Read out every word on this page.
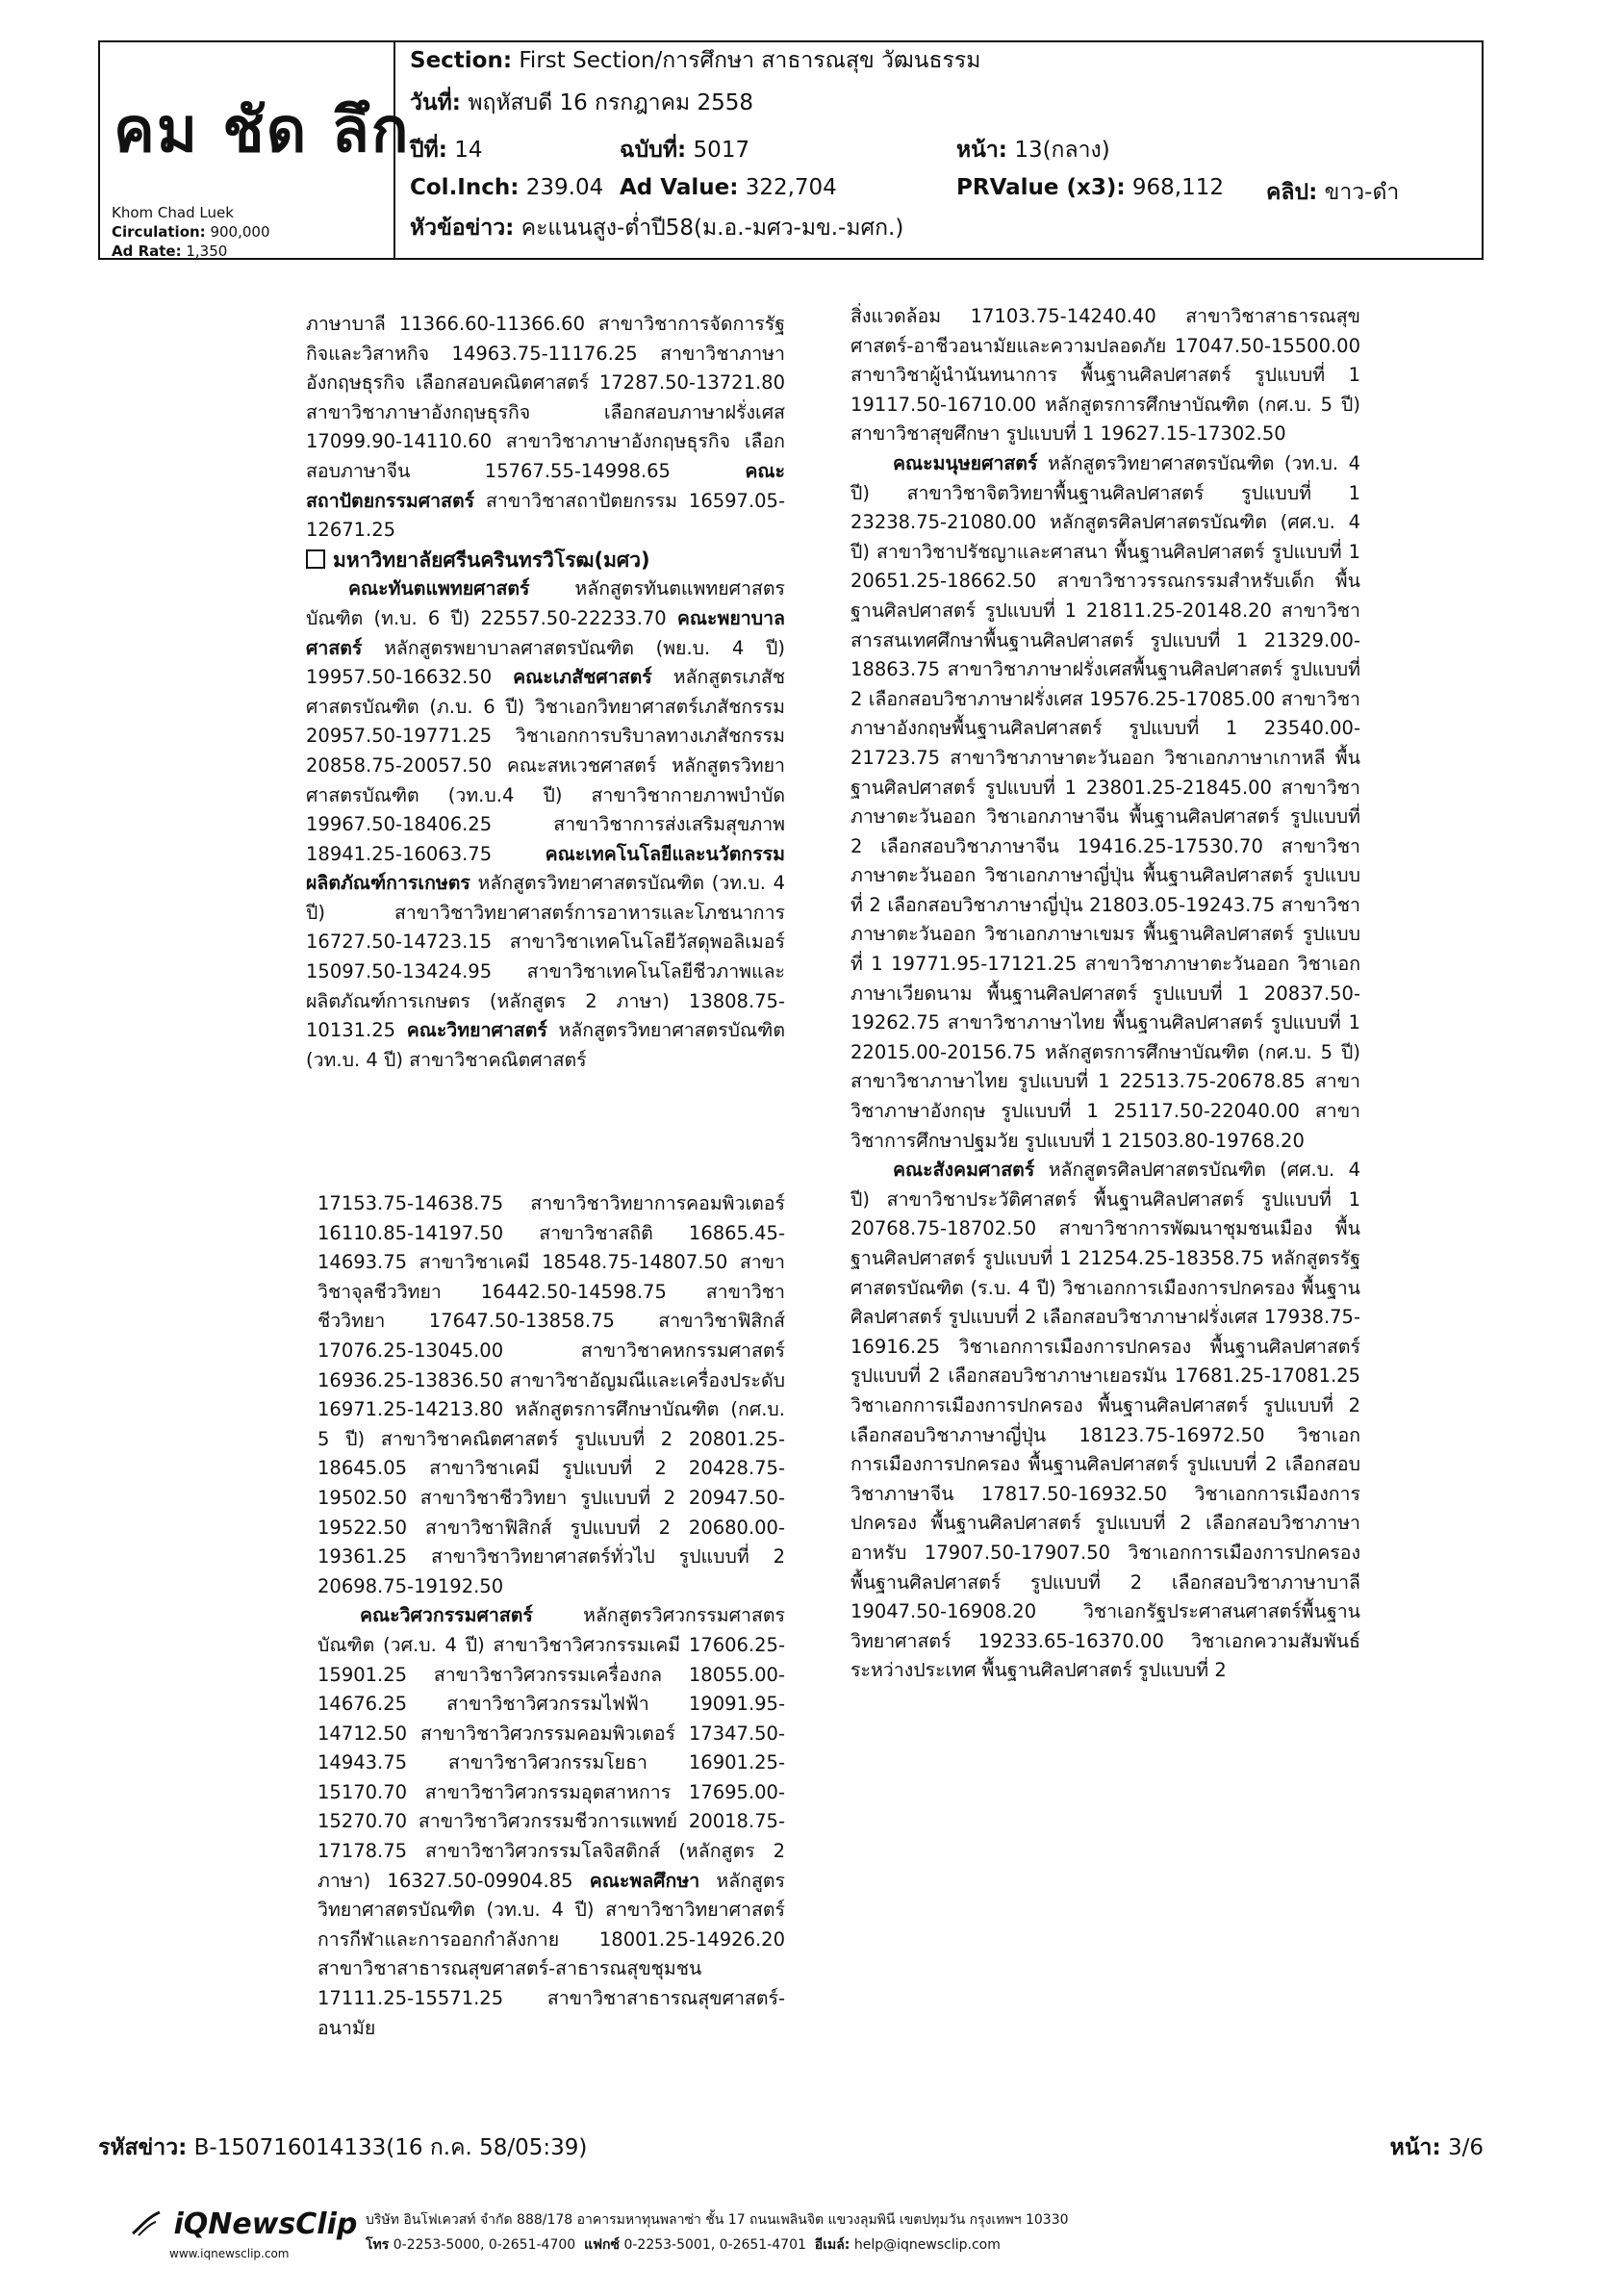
คม ชัด ลึก
Khom Chad Luek
Circulation: 900,000
Ad Rate: 1,350
Section: First Section/การศึกษา สาธารณสุข วัฒนธรรม
วันที่: พฤหัสบดี 16 กรกฎาคม 2558
ปีที่: 14	ฉบับที่: 5017	หน้า: 13(กลาง)
Col.Inch: 239.04 Ad Value: 322,704	PRValue (x3): 968,112 คลิป: ขาว-ดำ
หัวข้อข่าว: คะแนนสูง-ต่ำปี58(ม.อ.-มศว-มข.-มศก.)

ภาษาบาลี 11366.60-11366.60 สาขาวิชาการจัดการรัฐกิจและวิสาหกิจ 14963.75-11176.25 สาขาวิชาภาษาอังกฤษธุรกิจ เลือกสอบคณิตศาสตร์ 17287.50-13721.80 สาขาวิชาภาษาอังกฤษธุรกิจ เลือกสอบภาษาฝรั่งเศส 17099.90-14110.60 สาขาวิชาภาษาอังกฤษธุรกิจ เลือกสอบภาษาจีน 15767.55-14998.65	คณะสถาปัตยกรรมศาสตร์ สาขาวิชาสถาปัตยกรรม 16597.05-12671.25

มหาวิทยาลัยศรีนครินทรวิโรฒ(มศว)

คณะทันตแพทยศาสตร์ หลักสูตรทันตแพทยศาสตรบัณฑิต (ท.บ. 6 ปี) 22557.50-22233.70 คณะพยาบาลศาสตร์ หลักสูตรพยาบาลศาสตรบัณฑิต (พย.บ. 4 ปี) 19957.50-16632.50 คณะเภสัชศาสตร์ หลักสูตรเภสัชศาสตรบัณฑิต (ภ.บ. 6 ปี) วิชาเอกวิทยาศาสตร์เภสัชกรรม 20957.50-19771.25 วิชาเอกการบริบาลทางเภสัชกรรม 20858.75-20057.50 คณะสหเวชศาสตร์ หลักสูตรวิทยาศาสตรบัณฑิต (วท.บ.4 ปี) สาขาวิชากายภาพบำบัด 19967.50-18406.25 สาขาวิชาการส่งเสริมสุขภาพ 18941.25-16063.75	คณะเทคโนโลยีและนวัตกรรมผลิตภัณฑ์การเกษตร หลักสูตรวิทยาศาสตรบัณฑิต (วท.บ. 4 ปี) สาขาวิชาวิทยาศาสตร์การอาหารและโภชนาการ 16727.50-14723.15 สาขาวิชาเทคโนโลยีวัสดุพอลิเมอร์ 15097.50-13424.95 สาขาวิชาเทคโนโลยีชีวภาพและผลิตภัณฑ์การเกษตร (หลักสูตร 2 ภาษา) 13808.75-10131.25 คณะวิทยาศาสตร์ หลักสูตรวิทยาศาสตรบัณฑิต (วท.บ. 4 ปี) สาขาวิชาคณิตศาสตร์

17153.75-14638.75 สาขาวิชาวิทยาการคอมพิวเตอร์ 16110.85-14197.50 สาขาวิชาสถิติ 16865.45-14693.75 สาขาวิชาเคมี 18548.75-14807.50 สาขาวิชาจุลชีววิทยา 16442.50-14598.75 สาขาวิชาชีววิทยา 17647.50-13858.75 สาขาวิชาฟิสิกส์ 17076.25-13045.00 สาขาวิชาคหกรรมศาสตร์ 16936.25-13836.50 สาขาวิชาอัญมณีและเครื่องประดับ 16971.25-14213.80 หลักสูตรการศึกษาบัณฑิต (กศ.บ. 5 ปี) สาขาวิชาคณิตศาสตร์ รูปแบบที่ 2 20801.25-18645.05 สาขาวิชาเคมี รูปแบบที่ 2 20428.75-19502.50 สาขาวิชาชีววิทยา รูปแบบที่ 2 20947.50-19522.50 สาขาวิชาฟิสิกส์ รูปแบบที่ 2 20680.00-19361.25 สาขาวิชาวิทยาศาสตร์ทั่วไป รูปแบบที่ 2 20698.75-19192.50

คณะวิศวกรรมศาสตร์	หลักสูตรวิศวกรรมศาสตรบัณฑิต (วศ.บ. 4 ปี) สาขาวิชาวิศวกรรมเคมี 17606.25-15901.25 สาขาวิชาวิศวกรรมเครื่องกล 18055.00-14676.25 สาขาวิชาวิศวกรรมไฟฟ้า 19091.95-14712.50 สาขาวิชาวิศวกรรมคอมพิวเตอร์ 17347.50-14943.75 สาขาวิชาวิศวกรรมโยธา 16901.25-15170.70 สาขาวิชาวิศวกรรมอุตสาหการ 17695.00-15270.70 สาขาวิชาวิศวกรรมชีวการแพทย์ 20018.75-17178.75 สาขาวิชาวิศวกรรมโลจิสติกส์ (หลักสูตร 2 ภาษา) 16327.50-09904.85 คณะพลศึกษา หลักสูตรวิทยาศาสตรบัณฑิต (วท.บ. 4 ปี) สาขาวิชาวิทยาศาสตร์การกีฬาและการออกกำลังกาย 18001.25-14926.20 สาขาวิชาสาธารณสุขศาสตร์-สาธารณสุขชุมชน 17111.25-15571.25 สาขาวิชาสาธารณสุขศาสตร์-อนามัย

สิ่งแวดล้อม 17103.75-14240.40 สาขาวิชาสาธารณสุขศาสตร์-อาชีวอนามัยและความปลอดภัย 17047.50-15500.00 สาขาวิชาผู้นำนันทนาการ พื้นฐานศิลปศาสตร์ รูปแบบที่ 1 19117.50-16710.00 หลักสูตรการศึกษาบัณฑิต (กศ.บ. 5 ปี) สาขาวิชาสุขศึกษา รูปแบบที่ 1 19627.15-17302.50

คณะมนุษยศาสตร์ หลักสูตรวิทยาศาสตรบัณฑิต (วท.บ. 4 ปี) สาขาวิชาจิตวิทยาพื้นฐานศิลปศาสตร์ รูปแบบที่ 1 23238.75-21080.00 หลักสูตรศิลปศาสตรบัณฑิต (ศศ.บ. 4 ปี) สาขาวิชาปรัชญาและศาสนา พื้นฐานศิลปศาสตร์ รูปแบบที่ 1 20651.25-18662.50 สาขาวิชาวรรณกรรมสำหรับเด็ก พื้นฐานศิลปศาสตร์ รูปแบบที่ 1 21811.25-20148.20 สาขาวิชาสารสนเทศศึกษาพื้นฐานศิลปศาสตร์ รูปแบบที่ 1 21329.00-18863.75 สาขาวิชาภาษาฝรั่งเศสพื้นฐานศิลปศาสตร์ รูปแบบที่ 2 เลือกสอบวิชาภาษาฝรั่งเศส 19576.25-17085.00 สาขาวิชาภาษาอังกฤษพื้นฐานศิลปศาสตร์ รูปแบบที่ 1 23540.00-21723.75 สาขาวิชาภาษาตะวันออก วิชาเอกภาษาเกาหลี พื้นฐานศิลปศาสตร์ รูปแบบที่ 1 23801.25-21845.00 สาขาวิชาภาษาตะวันออก วิชาเอกภาษาจีน พื้นฐานศิลปศาสตร์ รูปแบบที่ 2 เลือกสอบวิชาภาษาจีน 19416.25-17530.70 สาขาวิชาภาษาตะวันออก วิชาเอกภาษาญี่ปุ่น พื้นฐานศิลปศาสตร์ รูปแบบที่ 2 เลือกสอบวิชาภาษาญี่ปุ่น 21803.05-19243.75 สาขาวิชาภาษาตะวันออก วิชาเอกภาษาเขมร พื้นฐานศิลปศาสตร์ รูปแบบที่ 1 19771.95-17121.25 สาขาวิชาภาษาตะวันออก วิชาเอกภาษาเวียดนาม พื้นฐานศิลปศาสตร์ รูปแบบที่ 1 20837.50-19262.75 สาขาวิชาภาษาไทย พื้นฐานศิลปศาสตร์ รูปแบบที่ 1 22015.00-20156.75 หลักสูตรการศึกษาบัณฑิต (กศ.บ. 5 ปี) สาขาวิชาภาษาไทย รูปแบบที่ 1 22513.75-20678.85 สาขาวิชาภาษาอังกฤษ รูปแบบที่ 1 25117.50-22040.00 สาขาวิชาการศึกษาปฐมวัย รูปแบบที่ 1 21503.80-19768.20

คณะสังคมศาสตร์ หลักสูตรศิลปศาสตรบัณฑิต (ศศ.บ. 4 ปี) สาขาวิชาประวัติศาสตร์ พื้นฐานศิลปศาสตร์ รูปแบบที่ 1 20768.75-18702.50 สาขาวิชาการพัฒนาชุมชนเมือง พื้นฐานศิลปศาสตร์ รูปแบบที่ 1 21254.25-18358.75 หลักสูตรรัฐศาสตรบัณฑิต (ร.บ. 4 ปี) วิชาเอกการเมืองการปกครอง พื้นฐานศิลปศาสตร์ รูปแบบที่ 2 เลือกสอบวิชาภาษาฝรั่งเศส 17938.75-16916.25 วิชาเอกการเมืองการปกครอง พื้นฐานศิลปศาสตร์ รูปแบบที่ 2 เลือกสอบวิชาภาษาเยอรมัน 17681.25-17081.25 วิชาเอกการเมืองการปกครอง พื้นฐานศิลปศาสตร์ รูปแบบที่ 2 เลือกสอบวิชาภาษาญี่ปุ่น 18123.75-16972.50 วิชาเอกการเมืองการปกครอง พื้นฐานศิลปศาสตร์ รูปแบบที่ 2 เลือกสอบวิชาภาษาจีน 17817.50-16932.50 วิชาเอกการเมืองการปกครอง พื้นฐานศิลปศาสตร์ รูปแบบที่ 2 เลือกสอบวิชาภาษาอาหรับ 17907.50-17907.50 วิชาเอกการเมืองการปกครอง พื้นฐานศิลปศาสตร์ รูปแบบที่ 2 เลือกสอบวิชาภาษาบาลี 19047.50-16908.20 วิชาเอกรัฐประศาสนศาสตร์พื้นฐานวิทยาศาสตร์ 19233.65-16370.00 วิชาเอกความสัมพันธ์ระหว่างประเทศ พื้นฐานศิลปศาสตร์ รูปแบบที่ 2

รหัสข่าว: B-150716014133(16 ก.ค. 58/05:39)	หน้า: 3/6
iQNewsClip
www.iqnewsclip.com
บริษัท อินโฟเควสท์ จำกัด 888/178 อาคารมหาทุนพลาซ่า ชั้น 17 ถนนเพลินจิต แขวงลุมพินี เขตปทุมวัน กรุงเทพฯ 10330
โทร 0-2253-5000, 0-2651-4700 แฟกซ์ 0-2253-5001, 0-2651-4701 อีเมล์: help@iqnewsclip.com
